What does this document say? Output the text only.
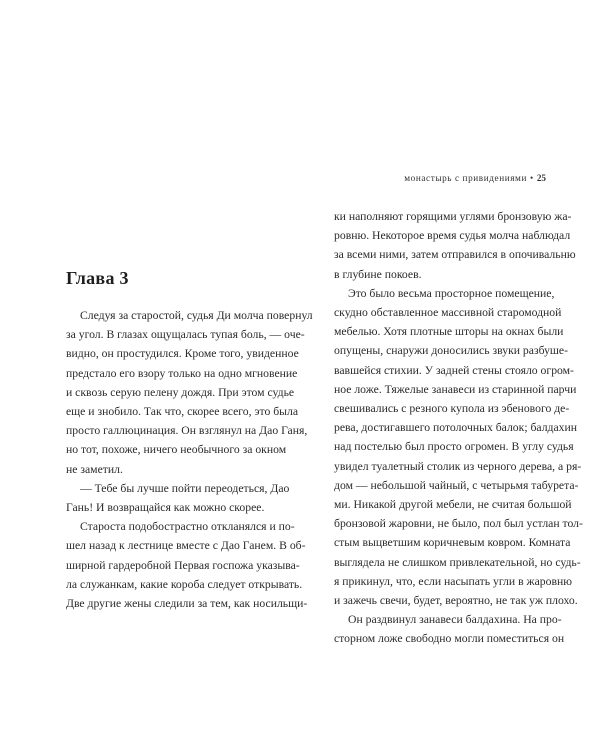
монастырь с привидениями • 25
Глава 3

Следуя за старостой, судья Ди молча повернул
за угол. В глазах ощущалась тупая боль, — оче-
видно, он простудился. Кроме того, увиденное
предстало его взору только на одно мгновение
и сквозь серую пелену дождя. При этом судье
еще и знобило. Так что, скорее всего, это была
просто галлюцинация. Он взглянул на Дао Ганя,
но тот, похоже, ничего необычного за окном
не заметил.

— Тебе бы лучше пойти переодеться, Дао
Гань! И возвращайся как можно скорее.

Староста подобострастно откланялся и по-
шел назад к лестнице вместе с Дао Ганем. В об-
ширной гардеробной Первая госпожа указыва-
ла служанкам, какие короба следует открывать.
Две другие жены следили за тем, как носильщи-

ки наполняют горящими углями бронзовую жа-
ровню. Некоторое время судья молча наблюдал
за всеми ними, затем отправился в опочивальню
в глубине покоев.

Это было весьма просторное помещение,
скудно обставленное массивной старомодной
мебелью. Хотя плотные шторы на окнах были
опущены, снаружи доносились звуки разбуше-
вавшейся стихии. У задней стены стояло огром-
ное ложе. Тяжелые занавеси из старинной парчи
свешивались с резного купола из эбенового де-
рева, достигавшего потолочных балок; балдахин
над постелью был просто огромен. В углу судья
увидел туалетный столик из черного дерева, а ря-
дом — небольшой чайный, с четырьмя табурета-
ми. Никакой другой мебели, не считая большой
бронзовой жаровни, не было, пол был устлан тол-
стым выцветшим коричневым ковром. Комната
выглядела не слишком привлекательной, но судь-
я прикинул, что, если насыпать угли в жаровню
и зажечь свечи, будет, вероятно, не так уж плохо.

Он раздвинул занавеси балдахина. На про-
сторном ложе свободно могли поместиться он
